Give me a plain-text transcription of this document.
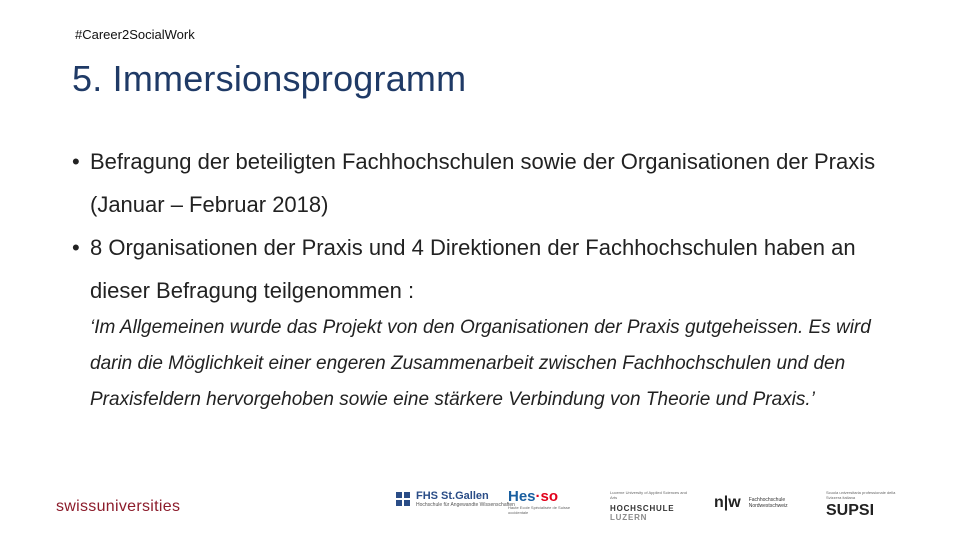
#Career2SocialWork
5. Immersionsprogramm
• Befragung der beteiligten Fachhochschulen sowie der Organisationen der Praxis (Januar – Februar 2018)
• 8 Organisationen der Praxis und 4 Direktionen der Fachhochschulen haben an dieser Befragung teilgenommen :
‘Im Allgemeinen wurde das Projekt von den Organisationen der Praxis gutgeheissen. Es wird darin die Möglichkeit einer engeren Zusammenarbeit zwischen Fachhochschulen und den Praxisfeldern hervorgehoben sowie eine stärkere Verbindung von Theorie und Praxis.’
swissuniversities
FHS St.Gallen
Hochschule für Angewandte Wissenschaften
Hes·so
Haute Ecole Spécialisée de Suisse occidentale
Lucerne University of Applied Sciences and Arts
HOCHSCHULE
LUZERN
n|w Fachhochschule Nordwestschweiz
Scuola universitaria professionale della Svizzera italiana
SUPSI
